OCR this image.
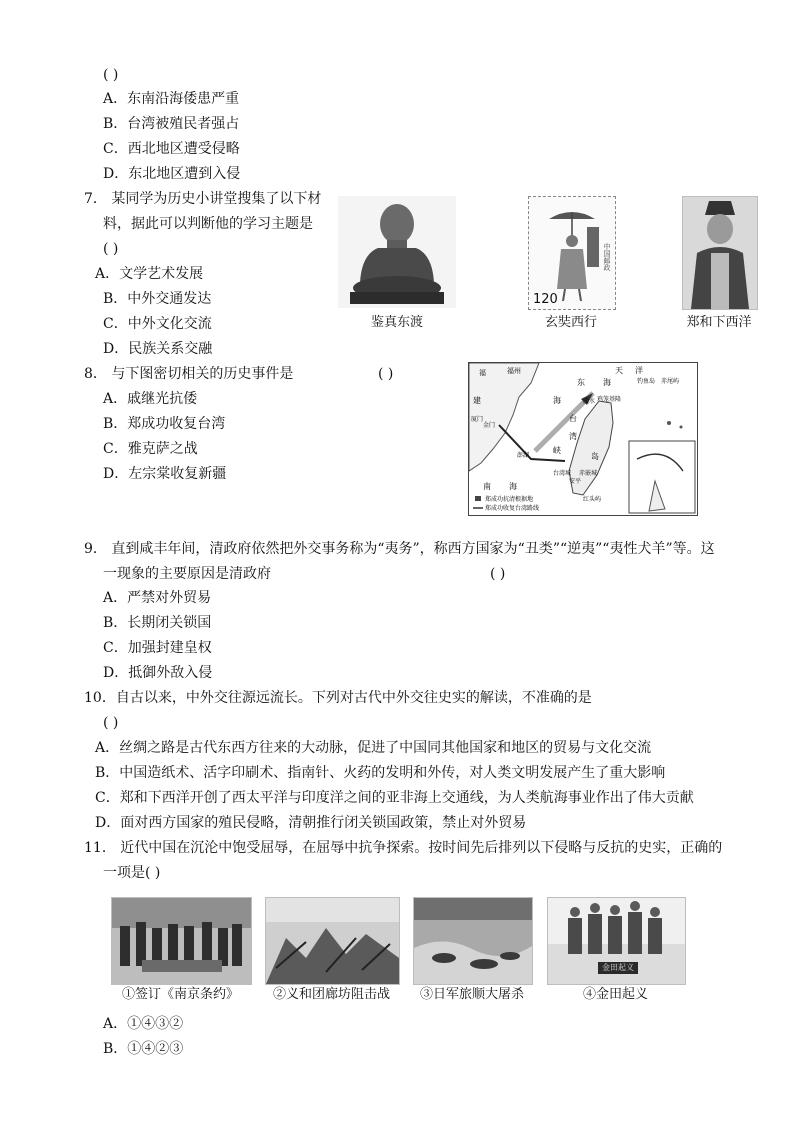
( )
A．东南沿海倭患严重
B．台湾被殖民者强占
C．西北地区遭受侵略
D．东北地区遭到入侵
7． 某同学为历史小讲堂搜集了以下材
料，据此可以判断他的学习主题是
( )
A．文学艺术发展
B．中外交通发达
C．中外文化交流
D．民族关系交融
鉴真东渡
120
中国邮政
玄奘西行	郑和下西洋
8． 与下图密切相关的历史事件是	( )
A．戚继光抗倭
B．郑成功收复台湾
C．雅克萨之战
D．左宗棠收复新疆
福	福州
东 海
天 洋
钓鱼岛 赤尾屿
建
厦门
金门
澎湖
台
湾
海
峡
淡水 鸡笼 基隆
岛
台湾城 赤嵌城
安平
红头屿
南 海
郑成功抗清根据地
郑成功收复台湾路线
9． 直到咸丰年间，清政府依然把外交事务称为“夷务”，称西方国家为“丑类”“逆夷”“夷性犬羊”等。这
一现象的主要原因是清政府	( )
A．严禁对外贸易
B．长期闭关锁国
C．加强封建皇权
D．抵御外敌入侵
10．自古以来，中外交往源远流长。下列对古代中外交往史实的解读，不准确的是
( )
A．丝绸之路是古代东西方往来的大动脉，促进了中国同其他国家和地区的贸易与文化交流
B．中国造纸术、活字印刷术、指南针、火药的发明和外传，对人类文明发展产生了重大影响
C．郑和下西洋开创了西太平洋与印度洋之间的亚非海上交通线，为人类航海事业作出了伟大贡献
D．面对西方国家的殖民侵略，清朝推行闭关锁国政策，禁止对外贸易
11． 近代中国在沉沦中饱受屈辱，在屈辱中抗争探索。按时间先后排列以下侵略与反抗的史实，正确的
一项是( )
①签订《南京条约》	②义和团廊坊阻击战	③日军旅顺大屠杀
金田起义
④金田起义
A．①④③②
B．①④②③
